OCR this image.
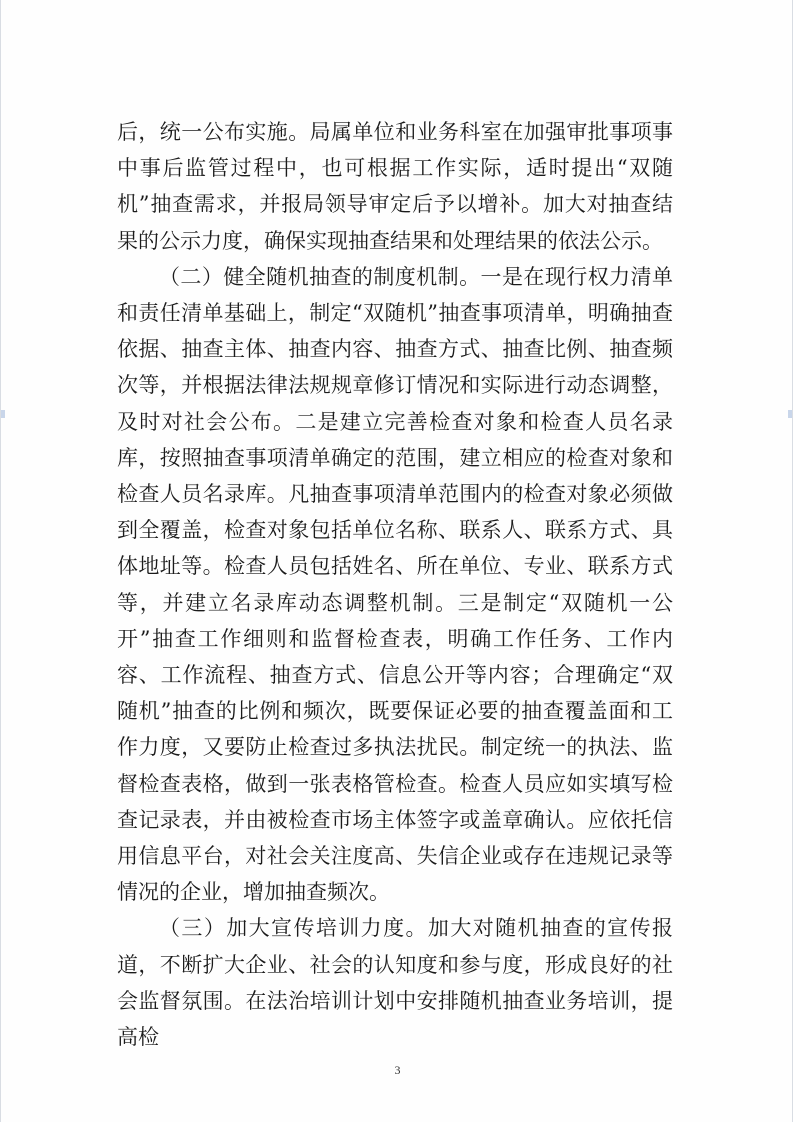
后，统一公布实施。局属单位和业务科室在加强审批事项事中事后监管过程中，也可根据工作实际，适时提出“双随机”抽查需求，并报局领导审定后予以增补。加大对抽查结果的公示力度，确保实现抽查结果和处理结果的依法公示。

（二）健全随机抽查的制度机制。一是在现行权力清单和责任清单基础上，制定“双随机”抽查事项清单，明确抽查依据、抽查主体、抽查内容、抽查方式、抽查比例、抽查频次等，并根据法律法规规章修订情况和实际进行动态调整，及时对社会公布。二是建立完善检查对象和检查人员名录库，按照抽查事项清单确定的范围，建立相应的检查对象和检查人员名录库。凡抽查事项清单范围内的检查对象必须做到全覆盖，检查对象包括单位名称、联系人、联系方式、具体地址等。检查人员包括姓名、所在单位、专业、联系方式等，并建立名录库动态调整机制。三是制定“双随机一公开”抽查工作细则和监督检查表，明确工作任务、工作内容、工作流程、抽查方式、信息公开等内容；合理确定“双随机”抽查的比例和频次，既要保证必要的抽查覆盖面和工作力度，又要防止检查过多执法扰民。制定统一的执法、监督检查表格，做到一张表格管检查。检查人员应如实填写检查记录表，并由被检查市场主体签字或盖章确认。应依托信用信息平台，对社会关注度高、失信企业或存在违规记录等情况的企业，增加抽查频次。

（三）加大宣传培训力度。加大对随机抽查的宣传报道，不断扩大企业、社会的认知度和参与度，形成良好的社会监督氛围。在法治培训计划中安排随机抽查业务培训，提高检

3
